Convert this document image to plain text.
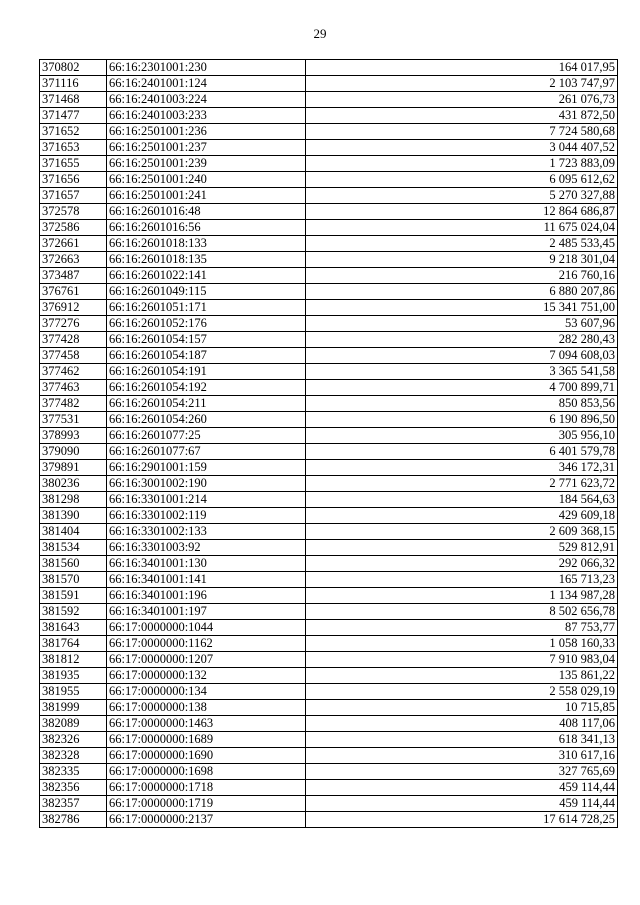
29
370802	66:16:2301001:230	164 017,95
371116	66:16:2401001:124	2 103 747,97
371468	66:16:2401003:224	261 076,73
371477	66:16:2401003:233	431 872,50
371652	66:16:2501001:236	7 724 580,68
371653	66:16:2501001:237	3 044 407,52
371655	66:16:2501001:239	1 723 883,09
371656	66:16:2501001:240	6 095 612,62
371657	66:16:2501001:241	5 270 327,88
372578	66:16:2601016:48	12 864 686,87
372586	66:16:2601016:56	11 675 024,04
372661	66:16:2601018:133	2 485 533,45
372663	66:16:2601018:135	9 218 301,04
373487	66:16:2601022:141	216 760,16
376761	66:16:2601049:115	6 880 207,86
376912	66:16:2601051:171	15 341 751,00
377276	66:16:2601052:176	53 607,96
377428	66:16:2601054:157	282 280,43
377458	66:16:2601054:187	7 094 608,03
377462	66:16:2601054:191	3 365 541,58
377463	66:16:2601054:192	4 700 899,71
377482	66:16:2601054:211	850 853,56
377531	66:16:2601054:260	6 190 896,50
378993	66:16:2601077:25	305 956,10
379090	66:16:2601077:67	6 401 579,78
379891	66:16:2901001:159	346 172,31
380236	66:16:3001002:190	2 771 623,72
381298	66:16:3301001:214	184 564,63
381390	66:16:3301002:119	429 609,18
381404	66:16:3301002:133	2 609 368,15
381534	66:16:3301003:92	529 812,91
381560	66:16:3401001:130	292 066,32
381570	66:16:3401001:141	165 713,23
381591	66:16:3401001:196	1 134 987,28
381592	66:16:3401001:197	8 502 656,78
381643	66:17:0000000:1044	87 753,77
381764	66:17:0000000:1162	1 058 160,33
381812	66:17:0000000:1207	7 910 983,04
381935	66:17:0000000:132	135 861,22
381955	66:17:0000000:134	2 558 029,19
381999	66:17:0000000:138	10 715,85
382089	66:17:0000000:1463	408 117,06
382326	66:17:0000000:1689	618 341,13
382328	66:17:0000000:1690	310 617,16
382335	66:17:0000000:1698	327 765,69
382356	66:17:0000000:1718	459 114,44
382357	66:17:0000000:1719	459 114,44
382786	66:17:0000000:2137	17 614 728,25
